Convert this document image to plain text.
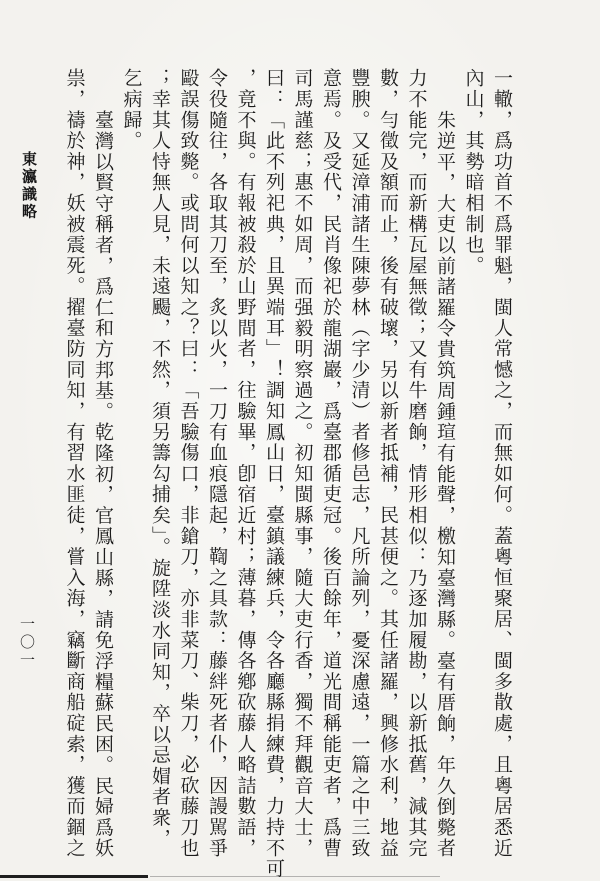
東瀛識略
一〇一	一轍，爲功首不爲罪魁，閩人常憾之，而無如何。蓋粵恒聚居、閩多散處，且粵居悉近
內山，其勢暗相制也。
朱逆平，大吏以前諸羅令貴筑周鍾瑄有能聲，檄知臺灣縣。臺有厝餉，年久倒斃者
力不能完，而新構瓦屋無徵；又有牛磨餉，情形相似：乃逐加履勘，以新抵舊，減其完
數，勻徵及額而止，後有破壞，另以新者抵補，民甚便之。其任諸羅，興修水利，地益
豐腴。又延漳浦諸生陳夢林（字少清）者修邑志，凡所論列，憂深慮遠，一篇之中三致
意焉。及受代，民肖像祀於龍湖巖，爲臺郡循吏冠。後百餘年，道光間稱能吏者，爲曹
司馬謹慈；惠不如周，而强毅明察過之。初知閩縣事，隨大吏行香，獨不拜觀音大士，
曰：「此不列祀典，且異端耳」！調知鳳山日，臺鎮議練兵，令各廳縣捐練費，力持不可
，竟不與。有報被殺於山野間者，往驗畢，卽宿近村；薄暮，傳各鄕砍藤人略詰數語，
令役隨往，各取其刀至，炙以火，一刀有血痕隱起，鞫之具款：藤絆死者仆，因謾駡爭
毆誤傷致斃。或問何以知之？曰：「吾驗傷口，非鎗刀，亦非菜刀、柴刀，必砍藤刀也
；幸其人恃無人見，未遠颺，不然，須另籌勾捕矣」。旋陞淡水同知，卒以忌媢者衆，
乞病歸。
臺灣以賢守稱者，爲仁和方邦基。乾隆初，官鳳山縣，請免浮糧蘇民困。民婦爲妖
祟，禱於神，妖被震死。擢臺防同知，有習水匪徒，嘗入海，竊斷商船碇索，獲而錮之
